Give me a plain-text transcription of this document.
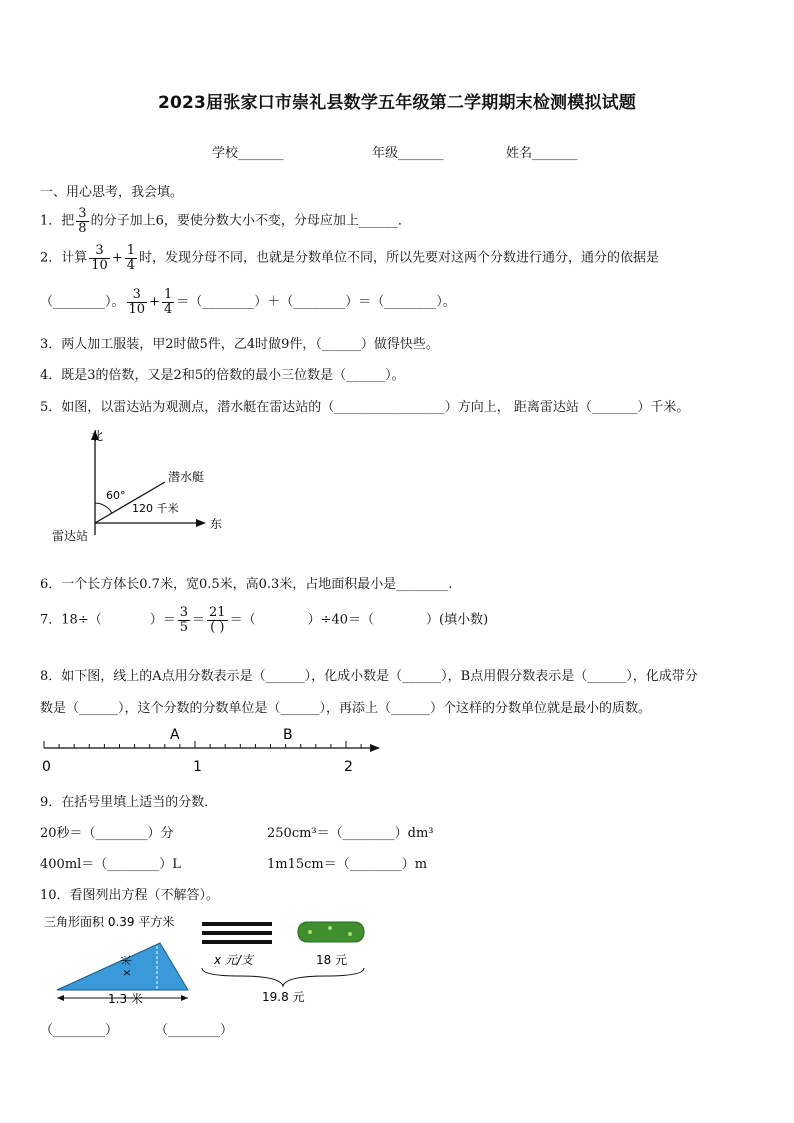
2023届张家口市崇礼县数学五年级第二学期期末检测模拟试题
学校_______	年级_______	姓名_______
一、用心思考，我会填。
1．把 $\frac{3}{8}$ 的分子加上6，要使分数大小不变，分母应加上______．
2．计算 $\frac{3}{10} + \frac{1}{4}$ 时，发现分母不同，也就是分数单位不同，所以先要对这两个分数进行通分，通分的依据是
（________）。 $\frac{3}{10} + \frac{1}{4}$ ＝（________）＋（________）＝（________）。
3．两人加工服装，甲2时做5件，乙4时做9件，（______）做得快些。
4．既是3的倍数，又是2和5的倍数的最小三位数是（______）。
5．如图，以雷达站为观测点，潜水艇在雷达站的（_________________）方向上， 距离雷达站（_______）千米。
北
东
雷达站
潜水艇
60°
120 千米
6．一个长方体长0.7米，宽0.5米，高0.3米，占地面积最小是________.
7．18÷（	）＝ $\frac{3}{5} = \frac{21}{( )}$ ＝（	）÷40＝（	）(填小数)
8．如下图，线上的A点用分数表示是（______），化成小数是（______），B点用假分数表示是（______），化成带分
数是（______），这个分数的分数单位是（______），再添上（______）个这样的分数单位就是最小的质数。
A	B
0	1	2
9．在括号里填上适当的分数．
20秒＝（________）分	250cm³＝（________）dm³
400ml＝（________）L	1m15cm＝（________）m
10．看图列出方程（不解答）。
三角形面积 0.39 平方米
x 米
1.3 米
x 元/支	18 元
19.8 元
（________）	（________）
